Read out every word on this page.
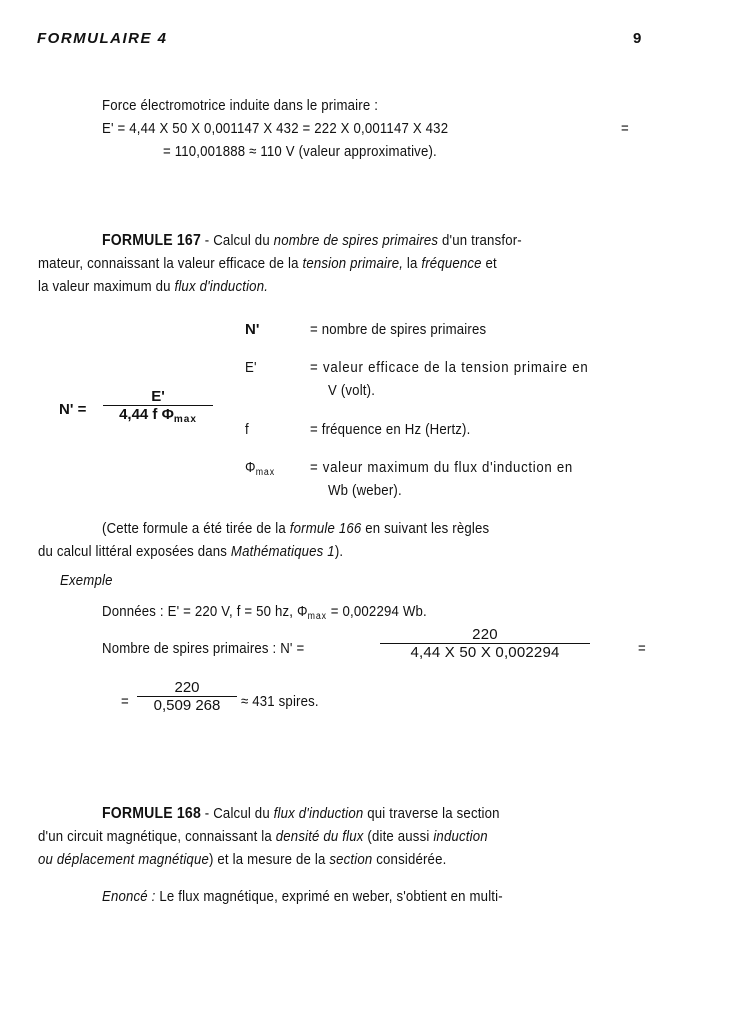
FORMULAIRE 4	9
Force électromotrice induite dans le primaire :
E' = 4,44 X 50 X 0,001147 X 432 = 222 X 0,001147 X 432	=
= 110,001888 ≈ 110 V (valeur approximative).
FORMULE 167 - Calcul du nombre de spires primaires d'un transfor-
mateur, connaissant la valeur efficace de la tension primaire, la fréquence et
la valeur maximum du flux d'induction.
N' =
E'
4,44 f $\Phi_{max}$
N'	= nombre de spires primaires
E'	= valeur efficace de la tension primaire en
V (volt).
f	= fréquence en Hz (Hertz).
$\Phi_{max}$ = valeur maximum du flux d'induction en
Wb (weber).
(Cette formule a été tirée de la formule 166 en suivant les règles
du calcul littéral exposées dans Mathématiques 1).
Exemple
Données : E' = 220 V, f = 50 hz, $\Phi_{max} = 0,002294$ Wb.
Nombre de spires primaires : N' =
220
4,44 X 50 X 0,002294	=
=
220
0,509 268	≈ 431 spires.
FORMULE 168 - Calcul du flux d'induction qui traverse la section
d'un circuit magnétique, connaissant la densité du flux (dite aussi induction
ou déplacement magnétique) et la mesure de la section considérée.
Enoncé : Le flux magnétique, exprimé en weber, s'obtient en multi-
